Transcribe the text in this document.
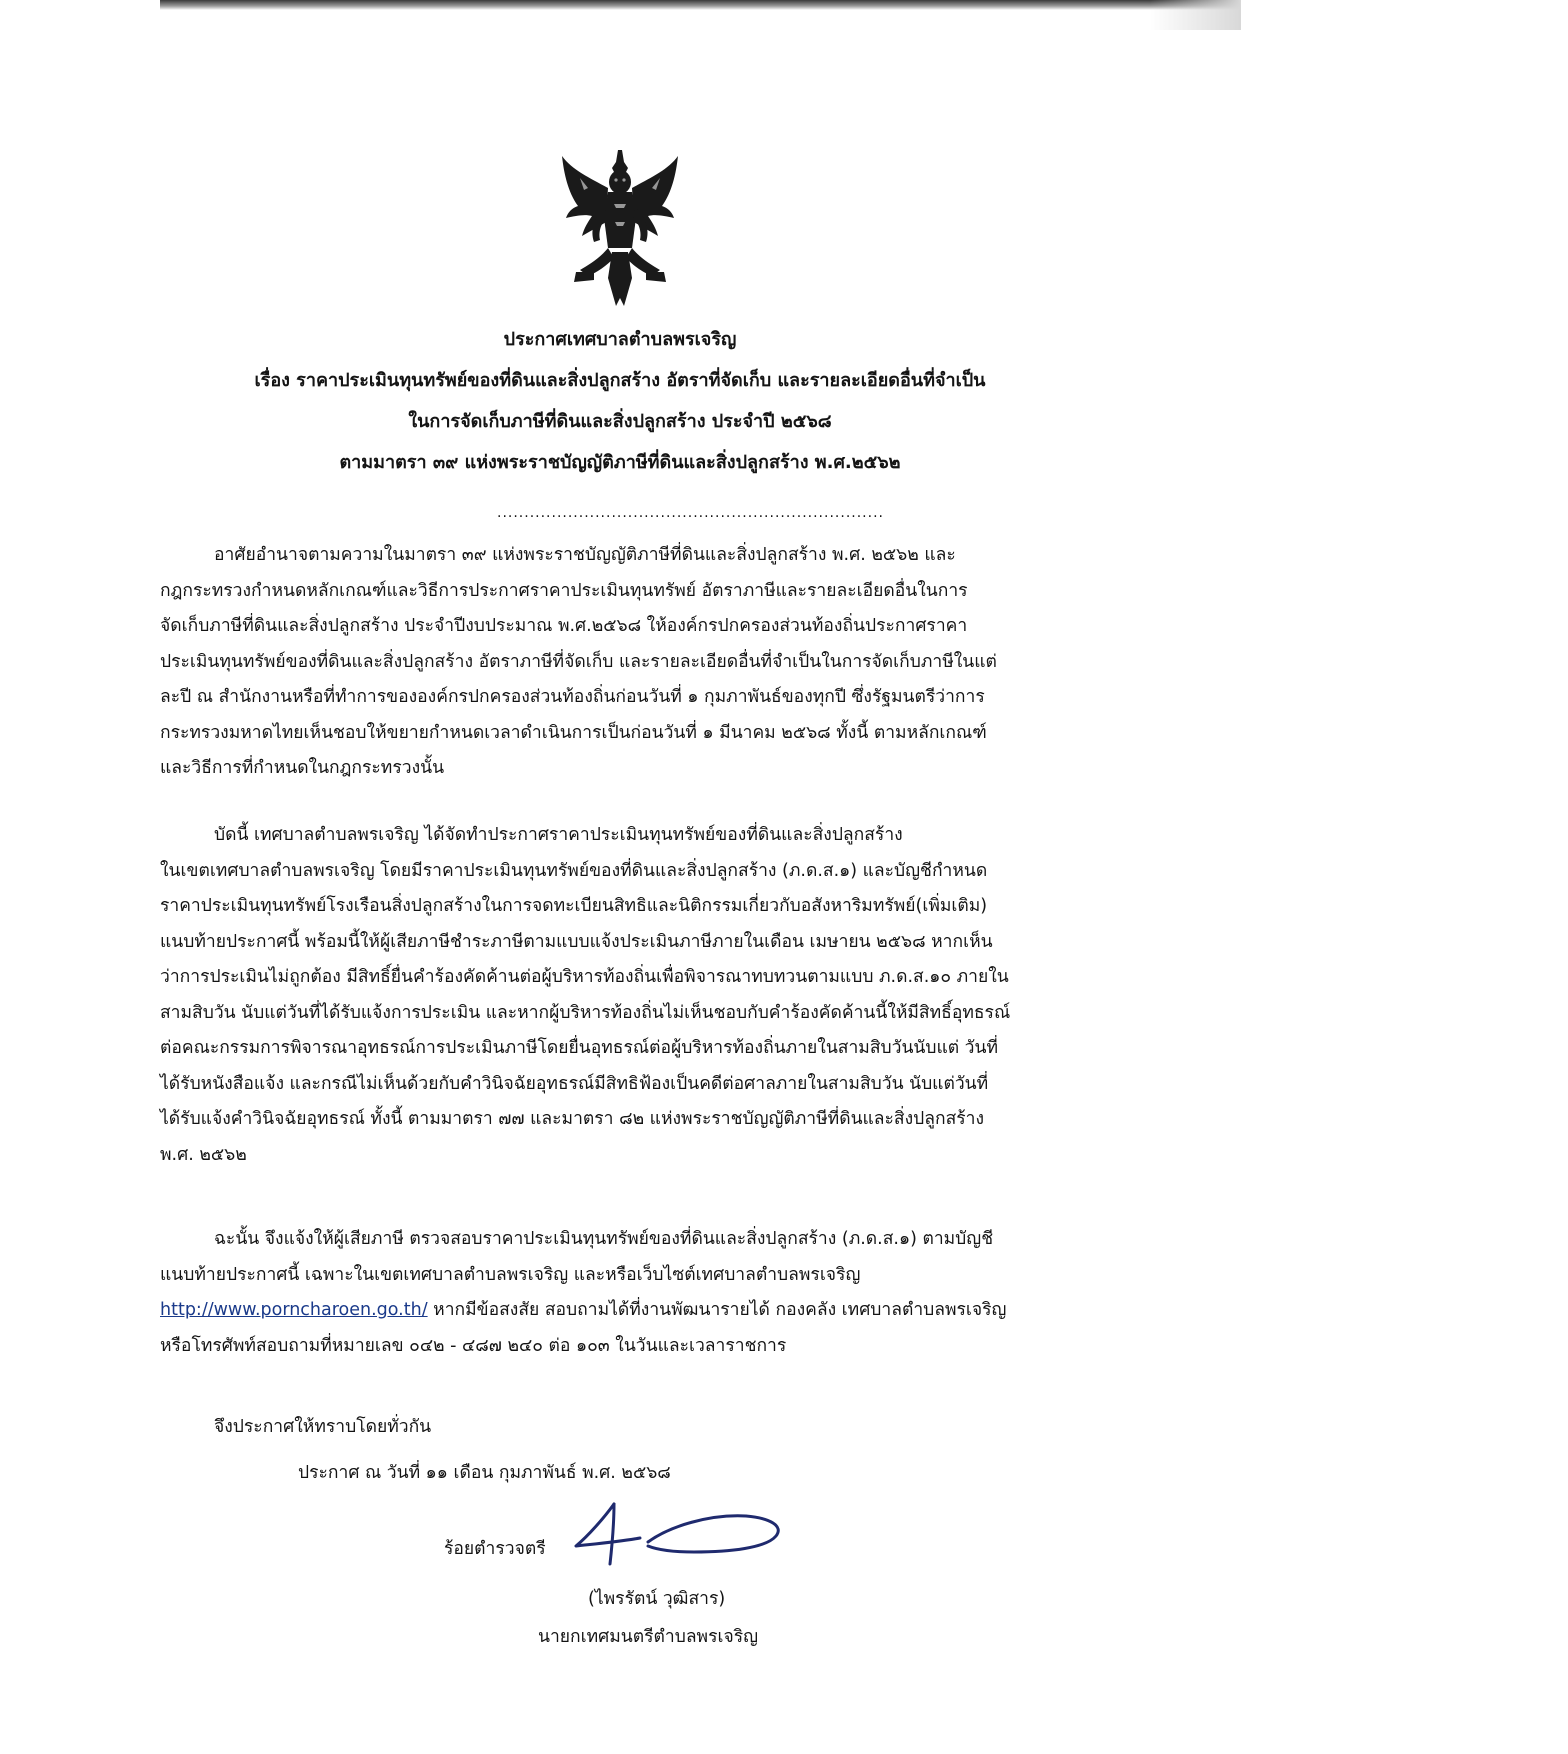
ประกาศเทศบาลตำบลพรเจริญ
เรื่อง ราคาประเมินทุนทรัพย์ของที่ดินและสิ่งปลูกสร้าง อัตราที่จัดเก็บ และรายละเอียดอื่นที่จำเป็น
ในการจัดเก็บภาษีที่ดินและสิ่งปลูกสร้าง ประจำปี ๒๕๖๘
ตามมาตรา ๓๙ แห่งพระราชบัญญัติภาษีที่ดินและสิ่งปลูกสร้าง พ.ศ.๒๕๖๒
.......................................................................
อาศัยอำนาจตามความในมาตรา ๓๙ แห่งพระราชบัญญัติภาษีที่ดินและสิ่งปลูกสร้าง พ.ศ. ๒๕๖๒ และ
กฎกระทรวงกำหนดหลักเกณฑ์และวิธีการประกาศราคาประเมินทุนทรัพย์ อัตราภาษีและรายละเอียดอื่นในการ
จัดเก็บภาษีที่ดินและสิ่งปลูกสร้าง ประจำปีงบประมาณ พ.ศ.๒๕๖๘ ให้องค์กรปกครองส่วนท้องถิ่นประกาศราคา
ประเมินทุนทรัพย์ของที่ดินและสิ่งปลูกสร้าง อัตราภาษีที่จัดเก็บ และรายละเอียดอื่นที่จำเป็นในการจัดเก็บภาษีในแต่
ละปี ณ สำนักงานหรือที่ทำการขององค์กรปกครองส่วนท้องถิ่นก่อนวันที่ ๑ กุมภาพันธ์ของทุกปี ซึ่งรัฐมนตรีว่าการ
กระทรวงมหาดไทยเห็นชอบให้ขยายกำหนดเวลาดำเนินการเป็นก่อนวันที่ ๑ มีนาคม ๒๕๖๘ ทั้งนี้ ตามหลักเกณฑ์
และวิธีการที่กำหนดในกฎกระทรวงนั้น
บัดนี้ เทศบาลตำบลพรเจริญ ได้จัดทำประกาศราคาประเมินทุนทรัพย์ของที่ดินและสิ่งปลูกสร้าง
ในเขตเทศบาลตำบลพรเจริญ โดยมีราคาประเมินทุนทรัพย์ของที่ดินและสิ่งปลูกสร้าง (ภ.ด.ส.๑) และบัญชีกำหนด
ราคาประเมินทุนทรัพย์โรงเรือนสิ่งปลูกสร้างในการจดทะเบียนสิทธิและนิติกรรมเกี่ยวกับอสังหาริมทรัพย์(เพิ่มเติม)
แนบท้ายประกาศนี้ พร้อมนี้ให้ผู้เสียภาษีชำระภาษีตามแบบแจ้งประเมินภาษีภายในเดือน เมษายน ๒๕๖๘ หากเห็น
ว่าการประเมินไม่ถูกต้อง มีสิทธิ์ยื่นคำร้องคัดค้านต่อผู้บริหารท้องถิ่นเพื่อพิจารณาทบทวนตามแบบ ภ.ด.ส.๑๐ ภายใน
สามสิบวัน นับแต่วันที่ได้รับแจ้งการประเมิน และหากผู้บริหารท้องถิ่นไม่เห็นชอบกับคำร้องคัดค้านนี้ให้มีสิทธิ์อุทธรณ์
ต่อคณะกรรมการพิจารณาอุทธรณ์การประเมินภาษีโดยยื่นอุทธรณ์ต่อผู้บริหารท้องถิ่นภายในสามสิบวันนับแต่ วันที่
ได้รับหนังสือแจ้ง และกรณีไม่เห็นด้วยกับคำวินิจฉัยอุทธรณ์มีสิทธิฟ้องเป็นคดีต่อศาลภายในสามสิบวัน นับแต่วันที่
ได้รับแจ้งคำวินิจฉัยอุทธรณ์ ทั้งนี้ ตามมาตรา ๗๗ และมาตรา ๘๒ แห่งพระราชบัญญัติภาษีที่ดินและสิ่งปลูกสร้าง
พ.ศ. ๒๕๖๒
ฉะนั้น จึงแจ้งให้ผู้เสียภาษี ตรวจสอบราคาประเมินทุนทรัพย์ของที่ดินและสิ่งปลูกสร้าง (ภ.ด.ส.๑) ตามบัญชี
แนบท้ายประกาศนี้ เฉพาะในเขตเทศบาลตำบลพรเจริญ และหรือเว็บไซต์เทศบาลตำบลพรเจริญ
http://www.porncharoen.go.th/ หากมีข้อสงสัย สอบถามได้ที่งานพัฒนารายได้ กองคลัง เทศบาลตำบลพรเจริญ
หรือโทรศัพท์สอบถามที่หมายเลข ๐๔๒ - ๔๘๗ ๒๔๐ ต่อ ๑๐๓ ในวันและเวลาราชการ
จึงประกาศให้ทราบโดยทั่วกัน
ประกาศ ณ วันที่ ๑๑ เดือน กุมภาพันธ์ พ.ศ. ๒๕๖๘
ร้อยตำรวจตรี
(ไพรรัตน์ วุฒิสาร)
นายกเทศมนตรีตำบลพรเจริญ
